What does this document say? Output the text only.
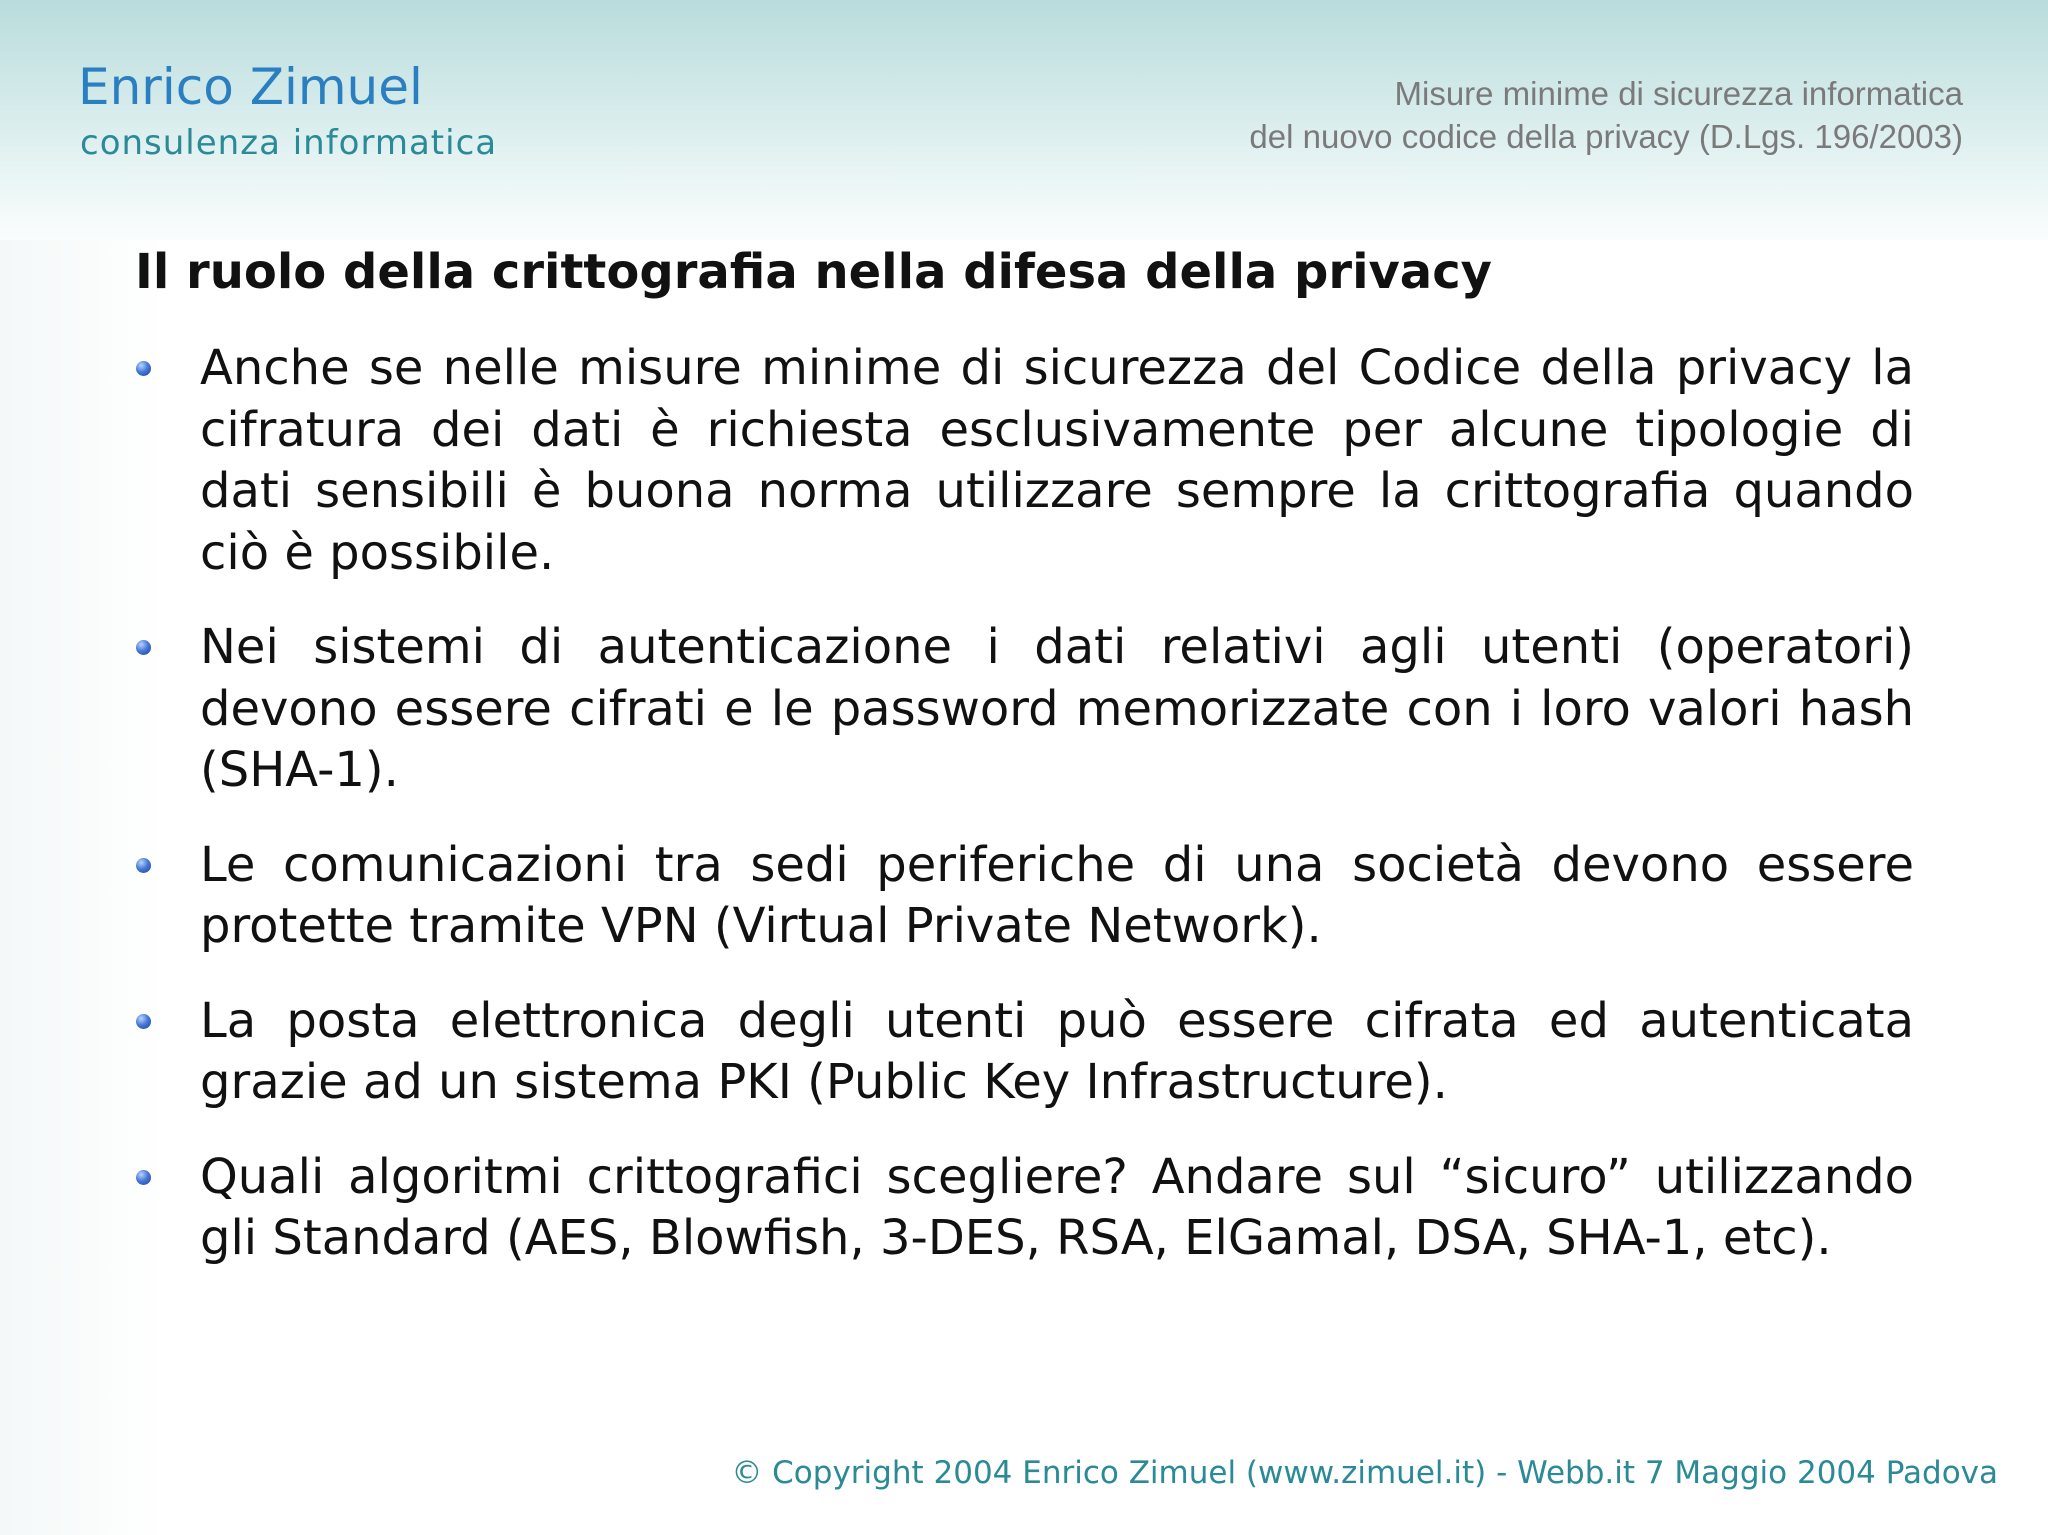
Enrico Zimuel
consulenza informatica
Misure minime di sicurezza informatica
del nuovo codice della privacy (D.Lgs. 196/2003)
Il ruolo della crittografia nella difesa della privacy
Anche se nelle misure minime di sicurezza del Codice della privacy la cifratura dei dati è richiesta esclusivamente per alcune tipologie di dati sensibili è buona norma utilizzare sempre la crittografia quando ciò è possibile.
Nei sistemi di autenticazione i dati relativi agli utenti (operatori) devono essere cifrati e le password memorizzate con i loro valori hash (SHA-1).
Le comunicazioni tra sedi periferiche di una società devono essere protette tramite VPN (Virtual Private Network).
La posta elettronica degli utenti può essere cifrata ed autenticata grazie ad un sistema PKI (Public Key Infrastructure).
Quali algoritmi crittografici scegliere? Andare sul “sicuro” utilizzando gli Standard (AES, Blowfish, 3-DES, RSA, ElGamal, DSA, SHA-1, etc).
© Copyright 2004 Enrico Zimuel (www.zimuel.it) - Webb.it 7 Maggio 2004 Padova
